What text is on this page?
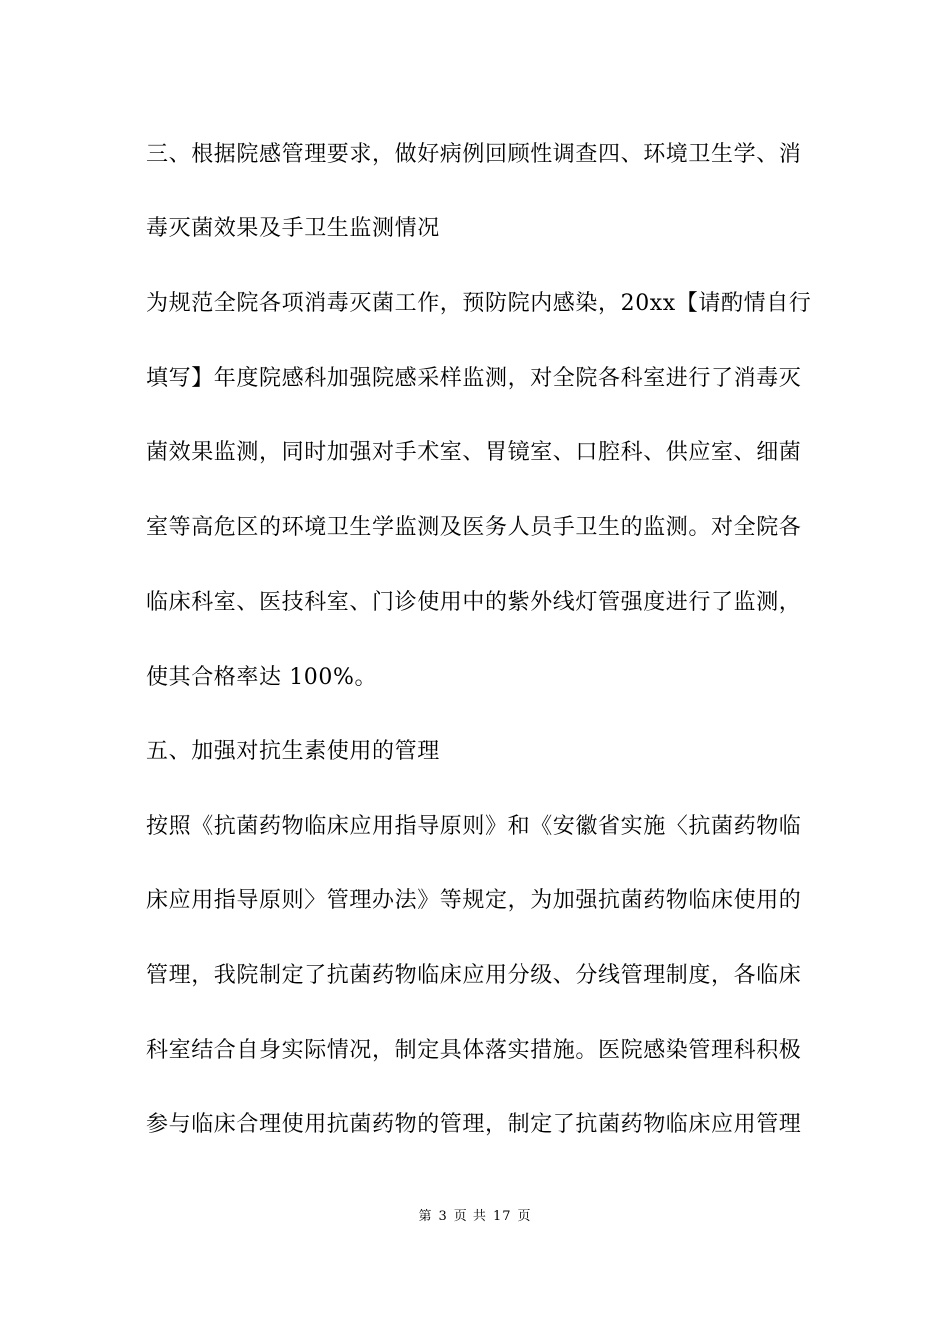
三、根据院感管理要求，做好病例回顾性调查四、环境卫生学、消
毒灭菌效果及手卫生监测情况
为规范全院各项消毒灭菌工作，预防院内感染，20xx【请酌情自行
填写】年度院感科加强院感采样监测，对全院各科室进行了消毒灭
菌效果监测，同时加强对手术室、胃镜室、口腔科、供应室、细菌
室等高危区的环境卫生学监测及医务人员手卫生的监测。对全院各
临床科室、医技科室、门诊使用中的紫外线灯管强度进行了监测，
使其合格率达 100%。
五、加强对抗生素使用的管理
按照《抗菌药物临床应用指导原则》和《安徽省实施〈抗菌药物临
床应用指导原则〉管理办法》等规定，为加强抗菌药物临床使用的
管理，我院制定了抗菌药物临床应用分级、分线管理制度，各临床
科室结合自身实际情况，制定具体落实措施。医院感染管理科积极
参与临床合理使用抗菌药物的管理，制定了抗菌药物临床应用管理
第 3 页 共 17 页
